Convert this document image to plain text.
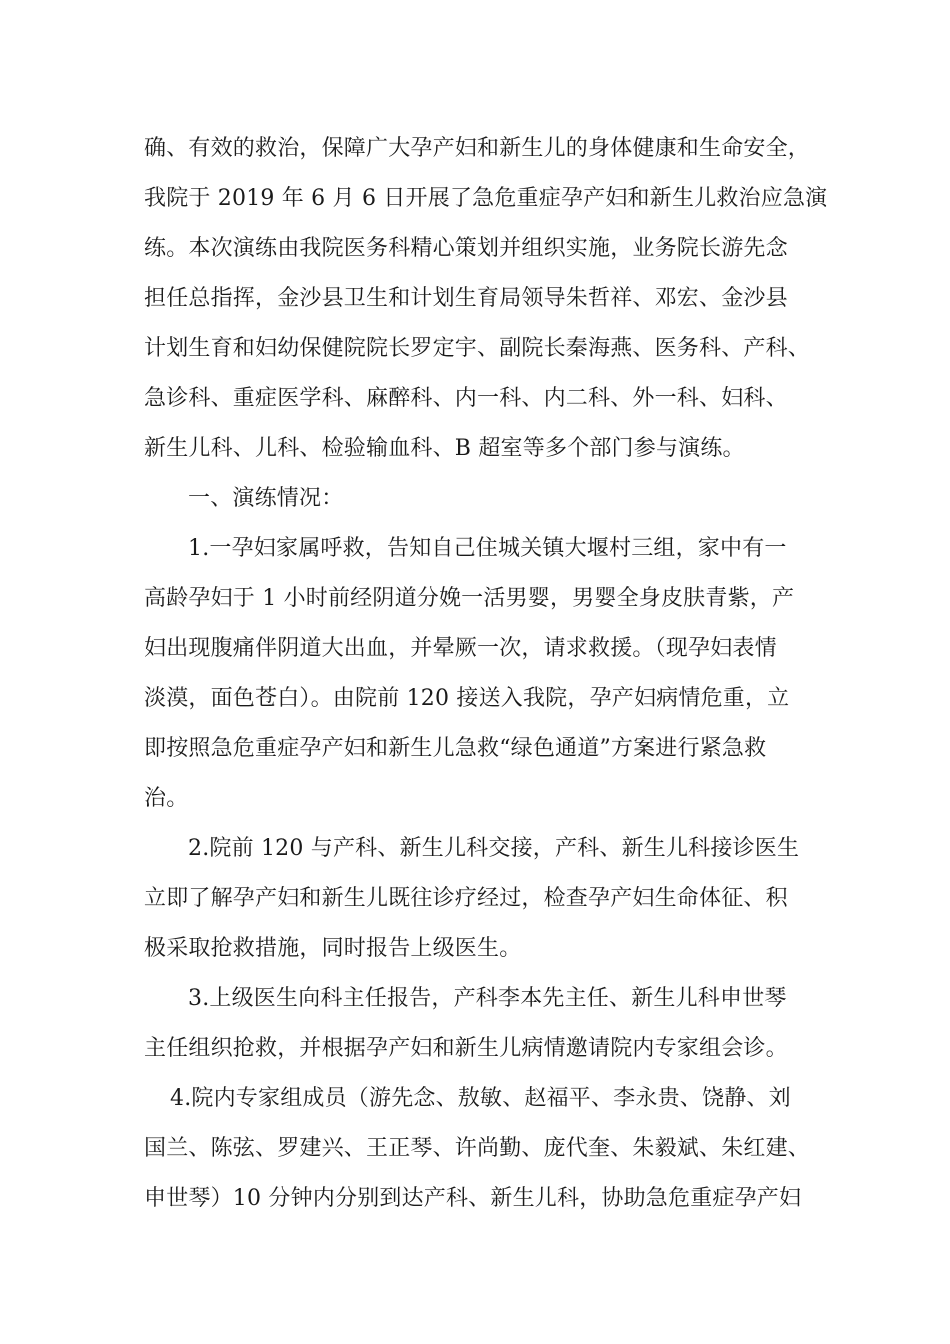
确、有效的救治，保障广大孕产妇和新生儿的身体健康和生命安全，
我院于 2019 年 6 月 6 日开展了急危重症孕产妇和新生儿救治应急演
练。本次演练由我院医务科精心策划并组织实施，业务院长游先念
担任总指挥，金沙县卫生和计划生育局领导朱哲祥、邓宏、金沙县
计划生育和妇幼保健院院长罗定宇、副院长秦海燕、医务科、产科、
急诊科、重症医学科、麻醉科、内一科、内二科、外一科、妇科、
新生儿科、儿科、检验输血科、B 超室等多个部门参与演练。
一、演练情况：
1.一孕妇家属呼救，告知自己住城关镇大堰村三组，家中有一
高龄孕妇于 1 小时前经阴道分娩一活男婴，男婴全身皮肤青紫，产
妇出现腹痛伴阴道大出血，并晕厥一次，请求救援。（现孕妇表情
淡漠，面色苍白）。由院前 120 接送入我院，孕产妇病情危重，立
即按照急危重症孕产妇和新生儿急救“绿色通道”方案进行紧急救
治。
2.院前 120 与产科、新生儿科交接，产科、新生儿科接诊医生
立即了解孕产妇和新生儿既往诊疗经过，检查孕产妇生命体征、积
极采取抢救措施，同时报告上级医生。
3.上级医生向科主任报告，产科李本先主任、新生儿科申世琴
主任组织抢救，并根据孕产妇和新生儿病情邀请院内专家组会诊。
4.院内专家组成员（游先念、敖敏、赵福平、李永贵、饶静、刘
国兰、陈弦、罗建兴、王正琴、许尚勤、庞代奎、朱毅斌、朱红建、
申世琴）10 分钟内分别到达产科、新生儿科，协助急危重症孕产妇
